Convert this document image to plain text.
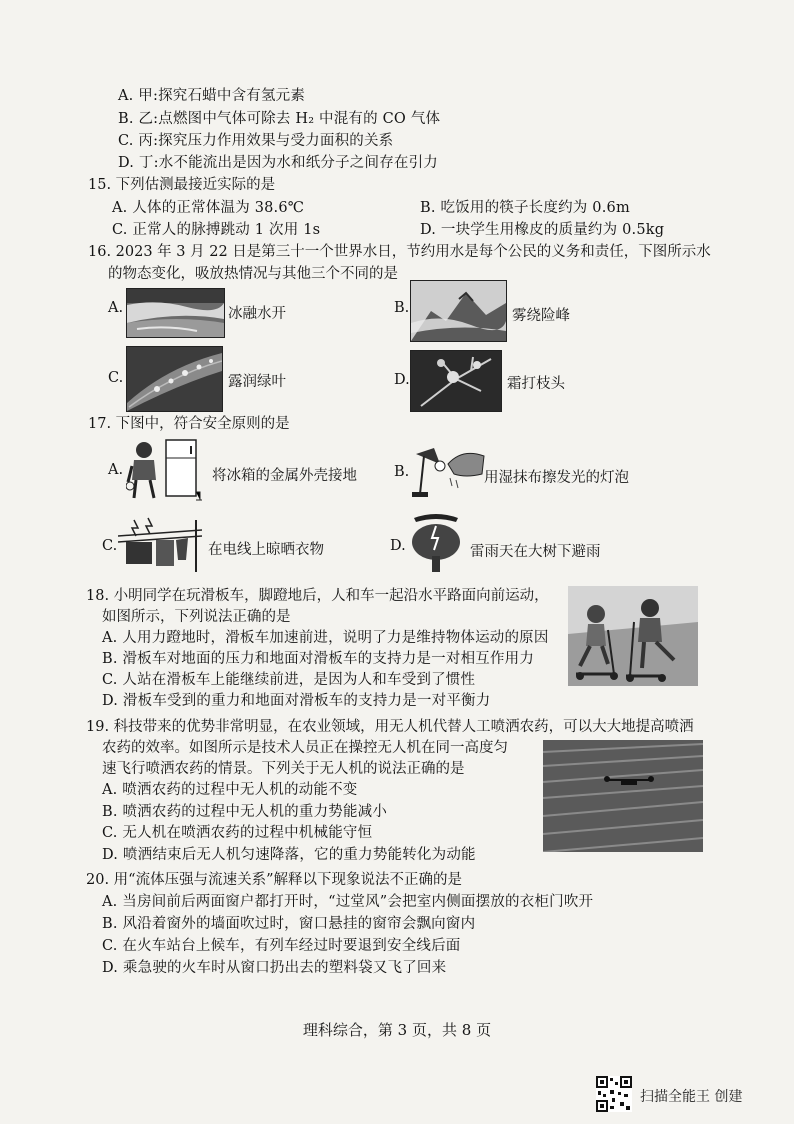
A. 甲:探究石蜡中含有氢元素
B. 乙:点燃图中气体可除去 H₂ 中混有的 CO 气体
C. 丙:探究压力作用效果与受力面积的关系
D. 丁:水不能流出是因为水和纸分子之间存在引力
15. 下列估测最接近实际的是
A. 人体的正常体温为 38.6℃	B. 吃饭用的筷子长度约为 0.6m
C. 正常人的脉搏跳动 1 次用 1s	D. 一块学生用橡皮的质量约为 0.5kg
16. 2023 年 3 月 22 日是第三十一个世界水日，节约用水是每个公民的义务和责任，下图所示水
的物态变化，吸放热情况与其他三个不同的是
A.	冰融水开	B.	雾绕险峰
C.	露润绿叶	D.	霜打枝头
17. 下图中，符合安全原则的是
A.	将冰箱的金属外壳接地	B.	用湿抹布擦发光的灯泡
C.	在电线上晾晒衣物	D.	雷雨天在大树下避雨
18. 小明同学在玩滑板车，脚蹬地后，人和车一起沿水平路面向前运动，
如图所示，下列说法正确的是
A. 人用力蹬地时，滑板车加速前进，说明了力是维持物体运动的原因
B. 滑板车对地面的压力和地面对滑板车的支持力是一对相互作用力
C. 人站在滑板车上能继续前进，是因为人和车受到了惯性
D. 滑板车受到的重力和地面对滑板车的支持力是一对平衡力
19. 科技带来的优势非常明显，在农业领域，用无人机代替人工喷洒农药，可以大大地提高喷洒
农药的效率。如图所示是技术人员正在操控无人机在同一高度匀
速飞行喷洒农药的情景。下列关于无人机的说法正确的是
A. 喷洒农药的过程中无人机的动能不变
B. 喷洒农药的过程中无人机的重力势能减小
C. 无人机在喷洒农药的过程中机械能守恒
D. 喷洒结束后无人机匀速降落，它的重力势能转化为动能
20. 用“流体压强与流速关系”解释以下现象说法不正确的是
A. 当房间前后两面窗户都打开时，“过堂风”会把室内侧面摆放的衣柜门吹开
B. 风沿着窗外的墙面吹过时，窗口悬挂的窗帘会飘向窗内
C. 在火车站台上候车，有列车经过时要退到安全线后面
D. 乘急驶的火车时从窗口扔出去的塑料袋又飞了回来
理科综合，第 3 页，共 8 页
扫描全能王 创建
